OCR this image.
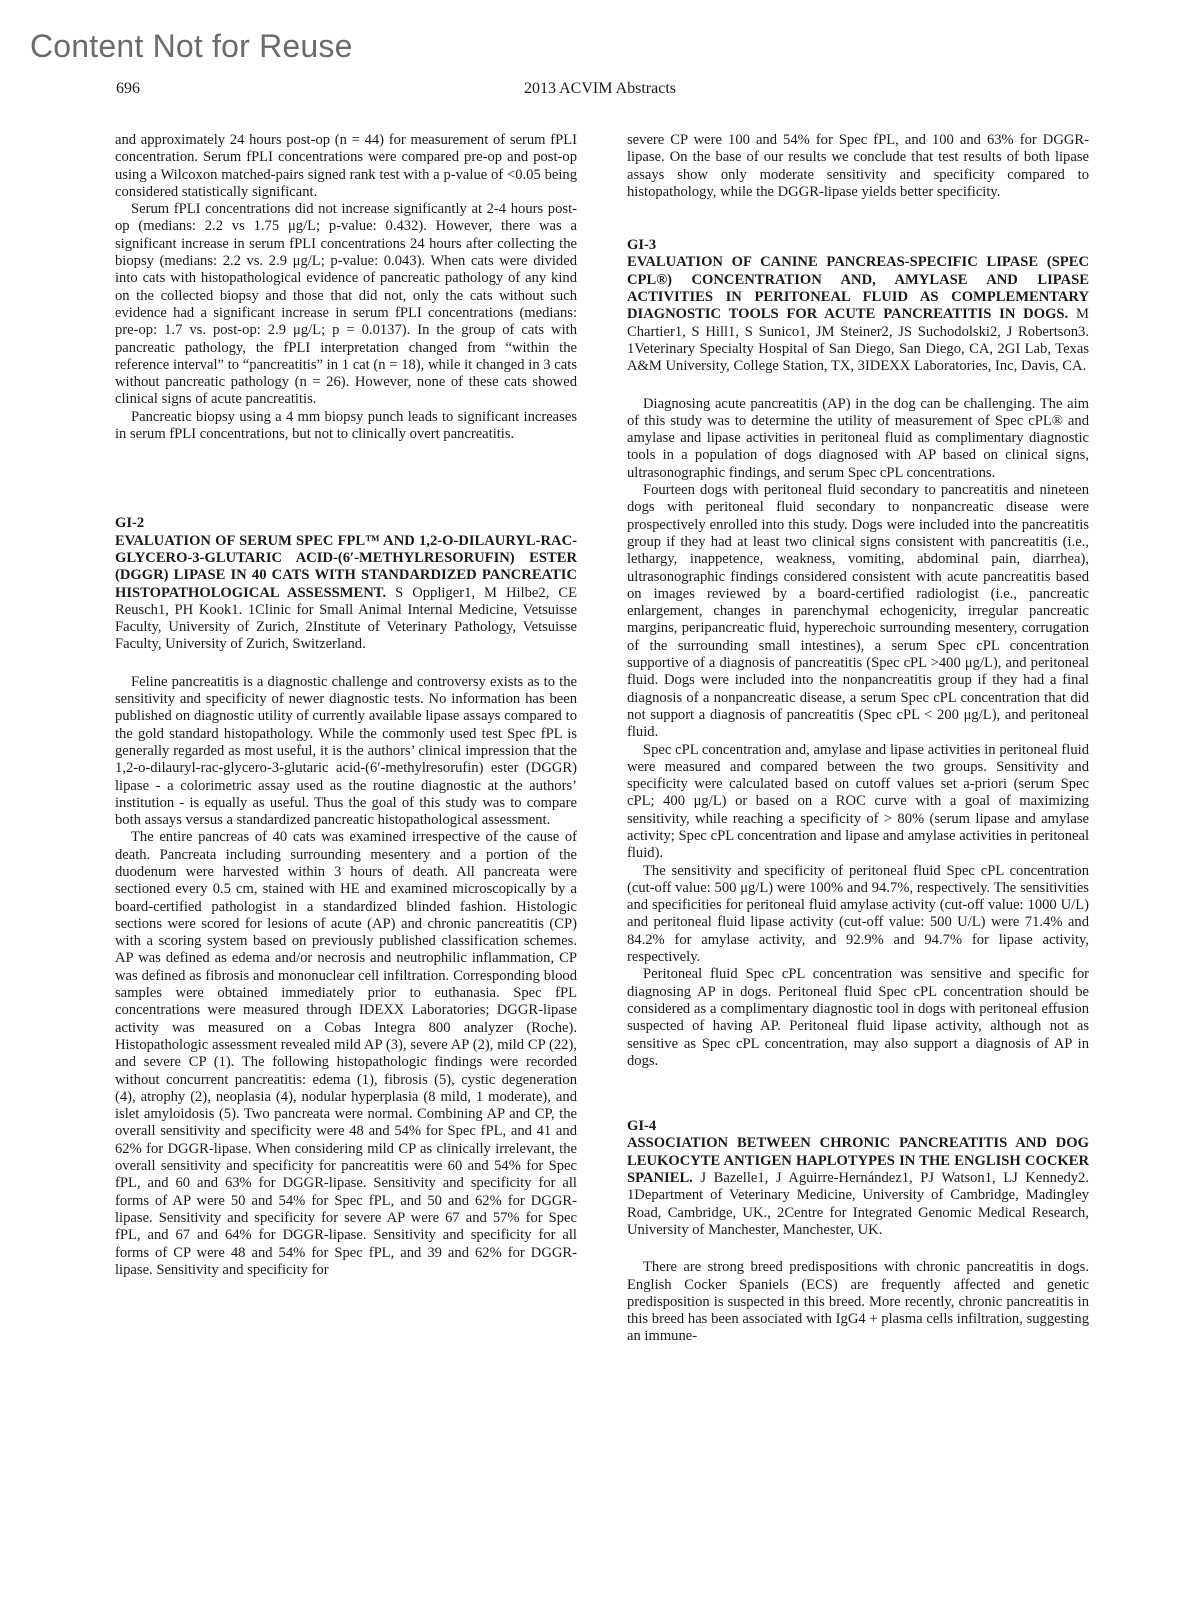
Content Not for Reuse
696	2013 ACVIM Abstracts

and approximately 24 hours post-op (n = 44) for measurement of serum fPLI concentration. Serum fPLI concentrations were compared pre-op and post-op using a Wilcoxon matched-pairs signed rank test with a p-value of <0.05 being considered statistically significant.

Serum fPLI concentrations did not increase significantly at 2-4 hours post-op (medians: 2.2 vs 1.75 μg/L; p-value: 0.432). However, there was a significant increase in serum fPLI concentrations 24 hours after collecting the biopsy (medians: 2.2 vs. 2.9 μg/L; p-value: 0.043). When cats were divided into cats with histopathological evidence of pancreatic pathology of any kind on the collected biopsy and those that did not, only the cats without such evidence had a significant increase in serum fPLI concentrations (medians: pre-op: 1.7 vs. post-op: 2.9 μg/L; p = 0.0137). In the group of cats with pancreatic pathology, the fPLI interpretation changed from “within the reference interval” to “pancreatitis” in 1 cat (n = 18), while it changed in 3 cats without pancreatic pathology (n = 26). However, none of these cats showed clinical signs of acute pancreatitis.

Pancreatic biopsy using a 4 mm biopsy punch leads to significant increases in serum fPLI concentrations, but not to clinically overt pancreatitis.

GI-2

EVALUATION OF SERUM SPEC FPL™ AND 1,2-O-DILAURYL-RAC-GLYCERO-3-GLUTARIC ACID-(6′-METHYLRESORUFIN) ESTER (DGGR) LIPASE IN 40 CATS WITH STANDARDIZED PANCREATIC HISTOPATHOLOGICAL ASSESSMENT. S Oppliger1, M Hilbe2, CE Reusch1, PH Kook1. 1Clinic for Small Animal Internal Medicine, Vetsuisse Faculty, University of Zurich, 2Institute of Veterinary Pathology, Vetsuisse Faculty, University of Zurich, Switzerland.

Feline pancreatitis is a diagnostic challenge and controversy exists as to the sensitivity and specificity of newer diagnostic tests. No information has been published on diagnostic utility of currently available lipase assays compared to the gold standard histopathology. While the commonly used test Spec fPL is generally regarded as most useful, it is the authors’ clinical impression that the 1,2-o-dilauryl-rac-glycero-3-glutaric acid-(6′-methylresorufin) ester (DGGR) lipase - a colorimetric assay used as the routine diagnostic at the authors’ institution - is equally as useful. Thus the goal of this study was to compare both assays versus a standardized pancreatic histopathological assessment.

The entire pancreas of 40 cats was examined irrespective of the cause of death. Pancreata including surrounding mesentery and a portion of the duodenum were harvested within 3 hours of death. All pancreata were sectioned every 0.5 cm, stained with HE and examined microscopically by a board-certified pathologist in a standardized blinded fashion. Histologic sections were scored for lesions of acute (AP) and chronic pancreatitis (CP) with a scoring system based on previously published classification schemes. AP was defined as edema and/or necrosis and neutrophilic inflammation, CP was defined as fibrosis and mononuclear cell infiltration. Corresponding blood samples were obtained immediately prior to euthanasia. Spec fPL concentrations were measured through IDEXX Laboratories; DGGR-lipase activity was measured on a Cobas Integra 800 analyzer (Roche). Histopathologic assessment revealed mild AP (3), severe AP (2), mild CP (22), and severe CP (1). The following histopathologic findings were recorded without concurrent pancreatitis: edema (1), fibrosis (5), cystic degeneration (4), atrophy (2), neoplasia (4), nodular hyperplasia (8 mild, 1 moderate), and islet amyloidosis (5). Two pancreata were normal. Combining AP and CP, the overall sensitivity and specificity were 48 and 54% for Spec fPL, and 41 and 62% for DGGR-lipase. When considering mild CP as clinically irrelevant, the overall sensitivity and specificity for pancreatitis were 60 and 54% for Spec fPL, and 60 and 63% for DGGR-lipase. Sensitivity and specificity for all forms of AP were 50 and 54% for Spec fPL, and 50 and 62% for DGGR-lipase. Sensitivity and specificity for severe AP were 67 and 57% for Spec fPL, and 67 and 64% for DGGR-lipase. Sensitivity and specificity for all forms of CP were 48 and 54% for Spec fPL, and 39 and 62% for DGGR-lipase. Sensitivity and specificity for

severe CP were 100 and 54% for Spec fPL, and 100 and 63% for DGGR-lipase. On the base of our results we conclude that test results of both lipase assays show only moderate sensitivity and specificity compared to histopathology, while the DGGR-lipase yields better specificity.

GI-3

EVALUATION OF CANINE PANCREAS-SPECIFIC LIPASE (SPEC CPL®) CONCENTRATION AND, AMYLASE AND LIPASE ACTIVITIES IN PERITONEAL FLUID AS COMPLEMENTARY DIAGNOSTIC TOOLS FOR ACUTE PANCREATITIS IN DOGS. M Chartier1, S Hill1, S Sunico1, JM Steiner2, JS Suchodolski2, J Robertson3. 1Veterinary Specialty Hospital of San Diego, San Diego, CA, 2GI Lab, Texas A&M University, College Station, TX, 3IDEXX Laboratories, Inc, Davis, CA.

Diagnosing acute pancreatitis (AP) in the dog can be challenging. The aim of this study was to determine the utility of measurement of Spec cPL® and amylase and lipase activities in peritoneal fluid as complimentary diagnostic tools in a population of dogs diagnosed with AP based on clinical signs, ultrasonographic findings, and serum Spec cPL concentrations.

Fourteen dogs with peritoneal fluid secondary to pancreatitis and nineteen dogs with peritoneal fluid secondary to nonpancreatic disease were prospectively enrolled into this study. Dogs were included into the pancreatitis group if they had at least two clinical signs consistent with pancreatitis (i.e., lethargy, inappetence, weakness, vomiting, abdominal pain, diarrhea), ultrasonographic findings considered consistent with acute pancreatitis based on images reviewed by a board-certified radiologist (i.e., pancreatic enlargement, changes in parenchymal echogenicity, irregular pancreatic margins, peripancreatic fluid, hyperechoic surrounding mesentery, corrugation of the surrounding small intestines), a serum Spec cPL concentration supportive of a diagnosis of pancreatitis (Spec cPL >400 μg/L), and peritoneal fluid. Dogs were included into the nonpancreatitis group if they had a final diagnosis of a nonpancreatic disease, a serum Spec cPL concentration that did not support a diagnosis of pancreatitis (Spec cPL < 200 μg/L), and peritoneal fluid.

Spec cPL concentration and, amylase and lipase activities in peritoneal fluid were measured and compared between the two groups. Sensitivity and specificity were calculated based on cutoff values set a-priori (serum Spec cPL; 400 μg/L) or based on a ROC curve with a goal of maximizing sensitivity, while reaching a specificity of > 80% (serum lipase and amylase activity; Spec cPL concentration and lipase and amylase activities in peritoneal fluid).

The sensitivity and specificity of peritoneal fluid Spec cPL concentration (cut-off value: 500 μg/L) were 100% and 94.7%, respectively. The sensitivities and specificities for peritoneal fluid amylase activity (cut-off value: 1000 U/L) and peritoneal fluid lipase activity (cut-off value: 500 U/L) were 71.4% and 84.2% for amylase activity, and 92.9% and 94.7% for lipase activity, respectively.

Peritoneal fluid Spec cPL concentration was sensitive and specific for diagnosing AP in dogs. Peritoneal fluid Spec cPL concentration should be considered as a complimentary diagnostic tool in dogs with peritoneal effusion suspected of having AP. Peritoneal fluid lipase activity, although not as sensitive as Spec cPL concentration, may also support a diagnosis of AP in dogs.

GI-4

ASSOCIATION BETWEEN CHRONIC PANCREATITIS AND DOG LEUKOCYTE ANTIGEN HAPLOTYPES IN THE ENGLISH COCKER SPANIEL. J Bazelle1, J Aguirre-Hernández1, PJ Watson1, LJ Kennedy2. 1Department of Veterinary Medicine, University of Cambridge, Madingley Road, Cambridge, UK., 2Centre for Integrated Genomic Medical Research, University of Manchester, Manchester, UK.

There are strong breed predispositions with chronic pancreatitis in dogs. English Cocker Spaniels (ECS) are frequently affected and genetic predisposition is suspected in this breed. More recently, chronic pancreatitis in this breed has been associated with IgG4 + plasma cells infiltration, suggesting an immune-
